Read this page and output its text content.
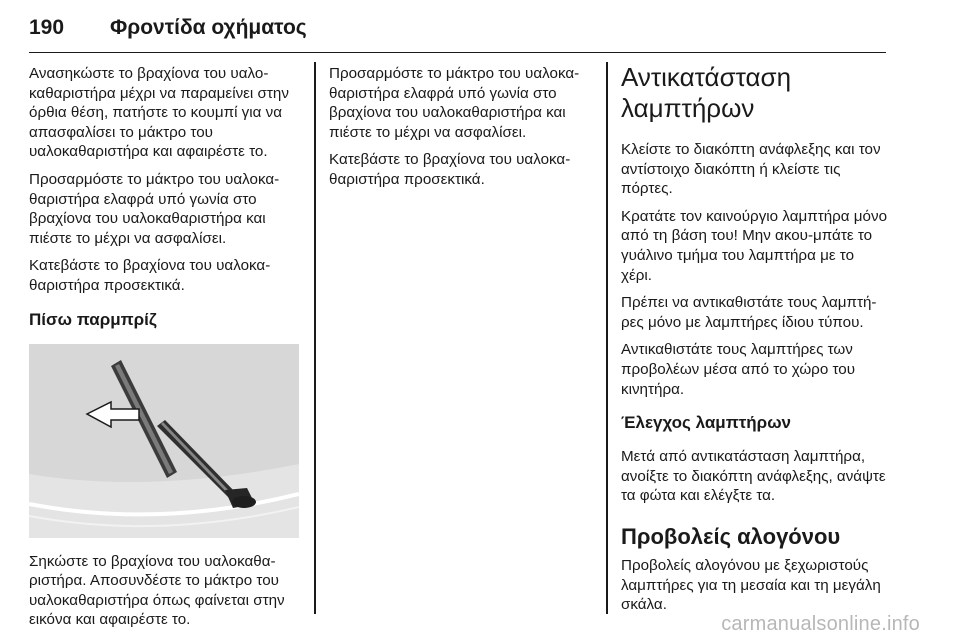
190 Φροντίδα οχήματος

Ανασηκώστε το βραχίονα του υαλο-καθαριστήρα μέχρι να παραμείνει στην όρθια θέση, πατήστε το κουμπί για να απασφαλίσει το μάκτρο του υαλοκαθαριστήρα και αφαιρέστε το.

Προσαρμόστε το μάκτρο του υαλοκα-θαριστήρα ελαφρά υπό γωνία στο βραχίονα του υαλοκαθαριστήρα και πιέστε το μέχρι να ασφαλίσει.

Κατεβάστε το βραχίονα του υαλοκα-θαριστήρα προσεκτικά.

Πίσω παρμπρίζ

Σηκώστε το βραχίονα του υαλοκαθα-ριστήρα. Αποσυνδέστε το μάκτρο του υαλοκαθαριστήρα όπως φαίνεται στην εικόνα και αφαιρέστε το.

Προσαρμόστε το μάκτρο του υαλοκα-θαριστήρα ελαφρά υπό γωνία στο βραχίονα του υαλοκαθαριστήρα και πιέστε το μέχρι να ασφαλίσει.

Κατεβάστε το βραχίονα του υαλοκα-θαριστήρα προσεκτικά.

Αντικατάσταση
λαμπτήρων

Κλείστε το διακόπτη ανάφλεξης και τον αντίστοιχο διακόπτη ή κλείστε τις πόρτες.

Κρατάτε τον καινούργιο λαμπτήρα μόνο από τη βάση του! Μην ακου-μπάτε το γυάλινο τμήμα του λαμπτήρα με το χέρι.

Πρέπει να αντικαθιστάτε τους λαμπτή-ρες μόνο με λαμπτήρες ίδιου τύπου.

Αντικαθιστάτε τους λαμπτήρες των προβολέων μέσα από το χώρο του κινητήρα.

Έλεγχος λαμπτήρων

Μετά από αντικατάσταση λαμπτήρα, ανοίξτε το διακόπτη ανάφλεξης, ανάψτε τα φώτα και ελέγξτε τα.

Προβολείς αλογόνου

Προβολείς αλογόνου με ξεχωριστούς λαμπτήρες για τη μεσαία και τη μεγάλη σκάλα.

carmanualsonline.info
